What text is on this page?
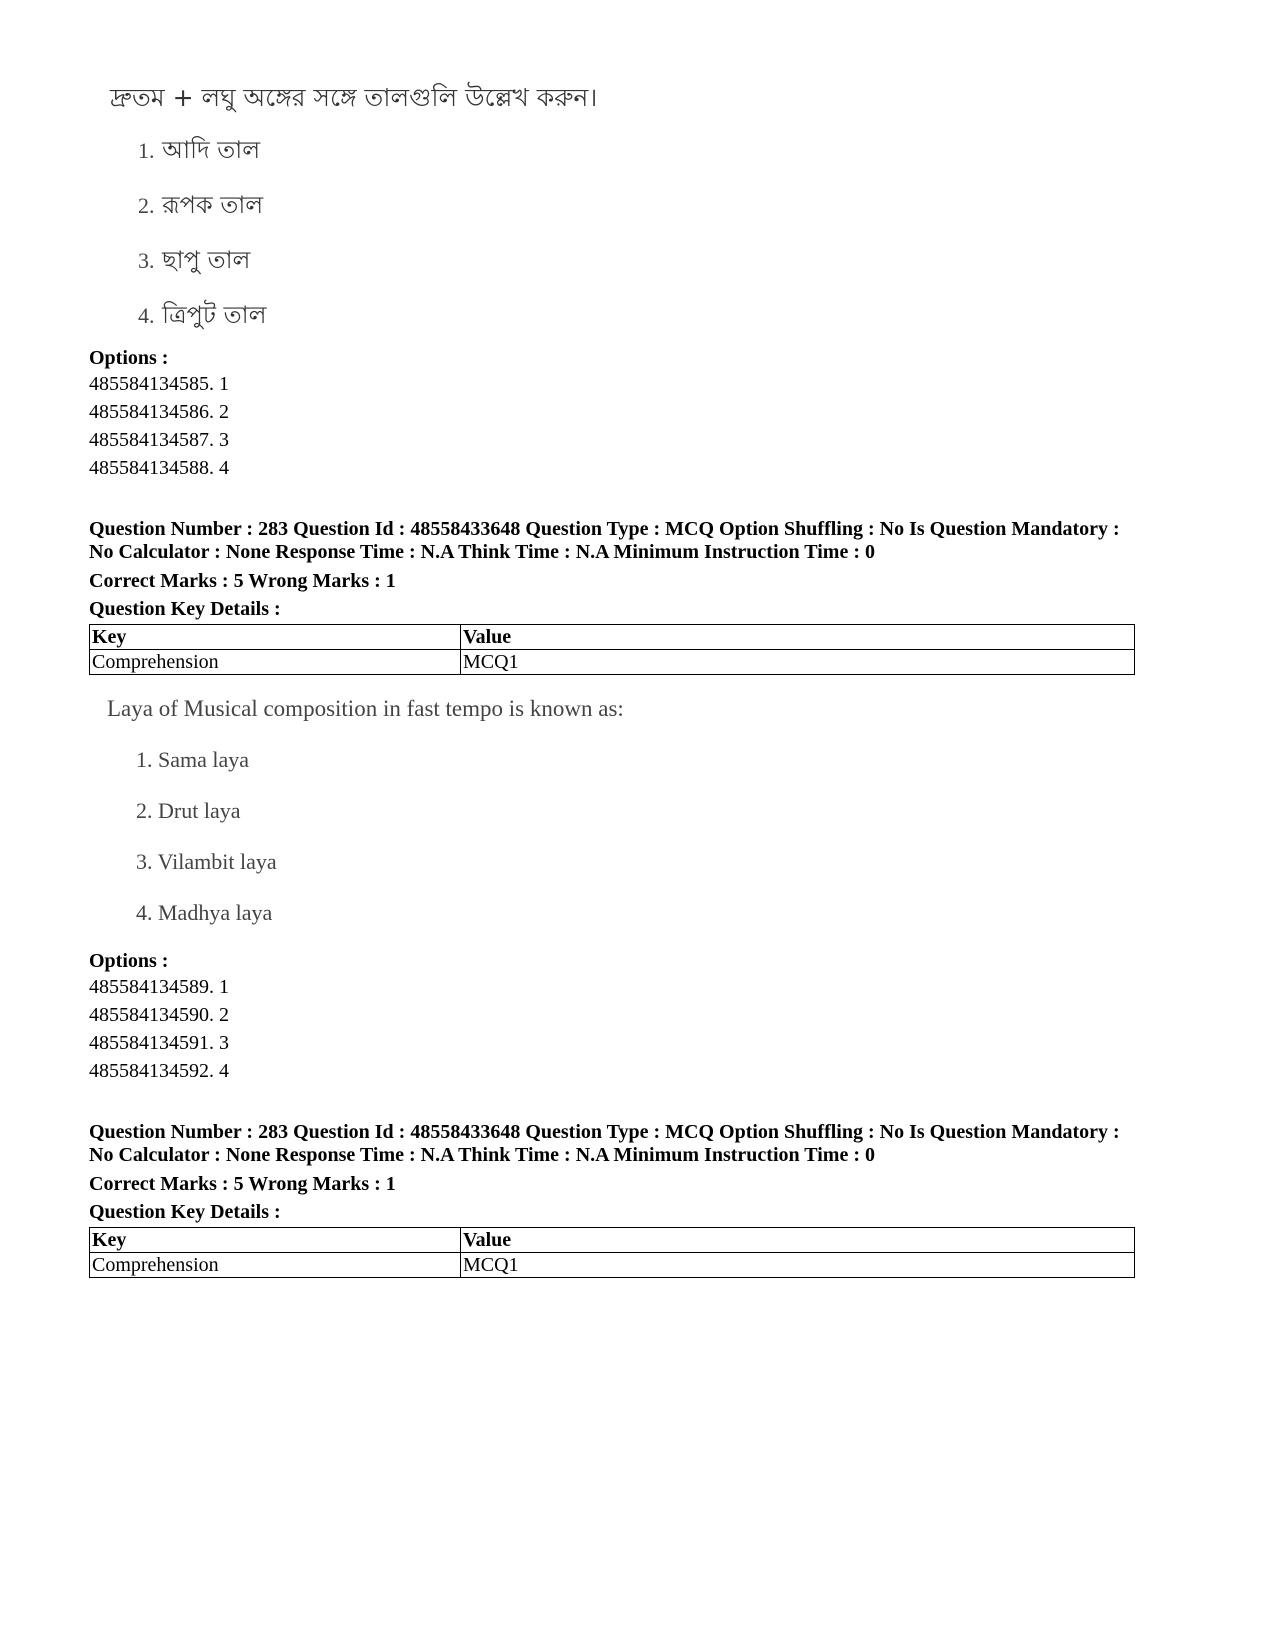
দ্রুতম + লঘু অঙ্গের সঙ্গে তালগুলি উল্লেখ করুন।
1. আদি তাল
2. রূপক তাল
3. ছাপু তাল
4. ত্রিপুট তাল
Options :
485584134585. 1
485584134586. 2
485584134587. 3
485584134588. 4
Question Number : 283 Question Id : 48558433648 Question Type : MCQ Option Shuffling : No Is Question Mandatory :
No Calculator : None Response Time : N.A Think Time : N.A Minimum Instruction Time : 0
Correct Marks : 5 Wrong Marks : 1
Question Key Details :
Key	Value
Comprehension	MCQ1
Laya of Musical composition in fast tempo is known as:
1. Sama laya
2. Drut laya
3. Vilambit laya
4. Madhya laya
Options :
485584134589. 1
485584134590. 2
485584134591. 3
485584134592. 4
Question Number : 283 Question Id : 48558433648 Question Type : MCQ Option Shuffling : No Is Question Mandatory :
No Calculator : None Response Time : N.A Think Time : N.A Minimum Instruction Time : 0
Correct Marks : 5 Wrong Marks : 1
Question Key Details :
Key	Value
Comprehension	MCQ1
